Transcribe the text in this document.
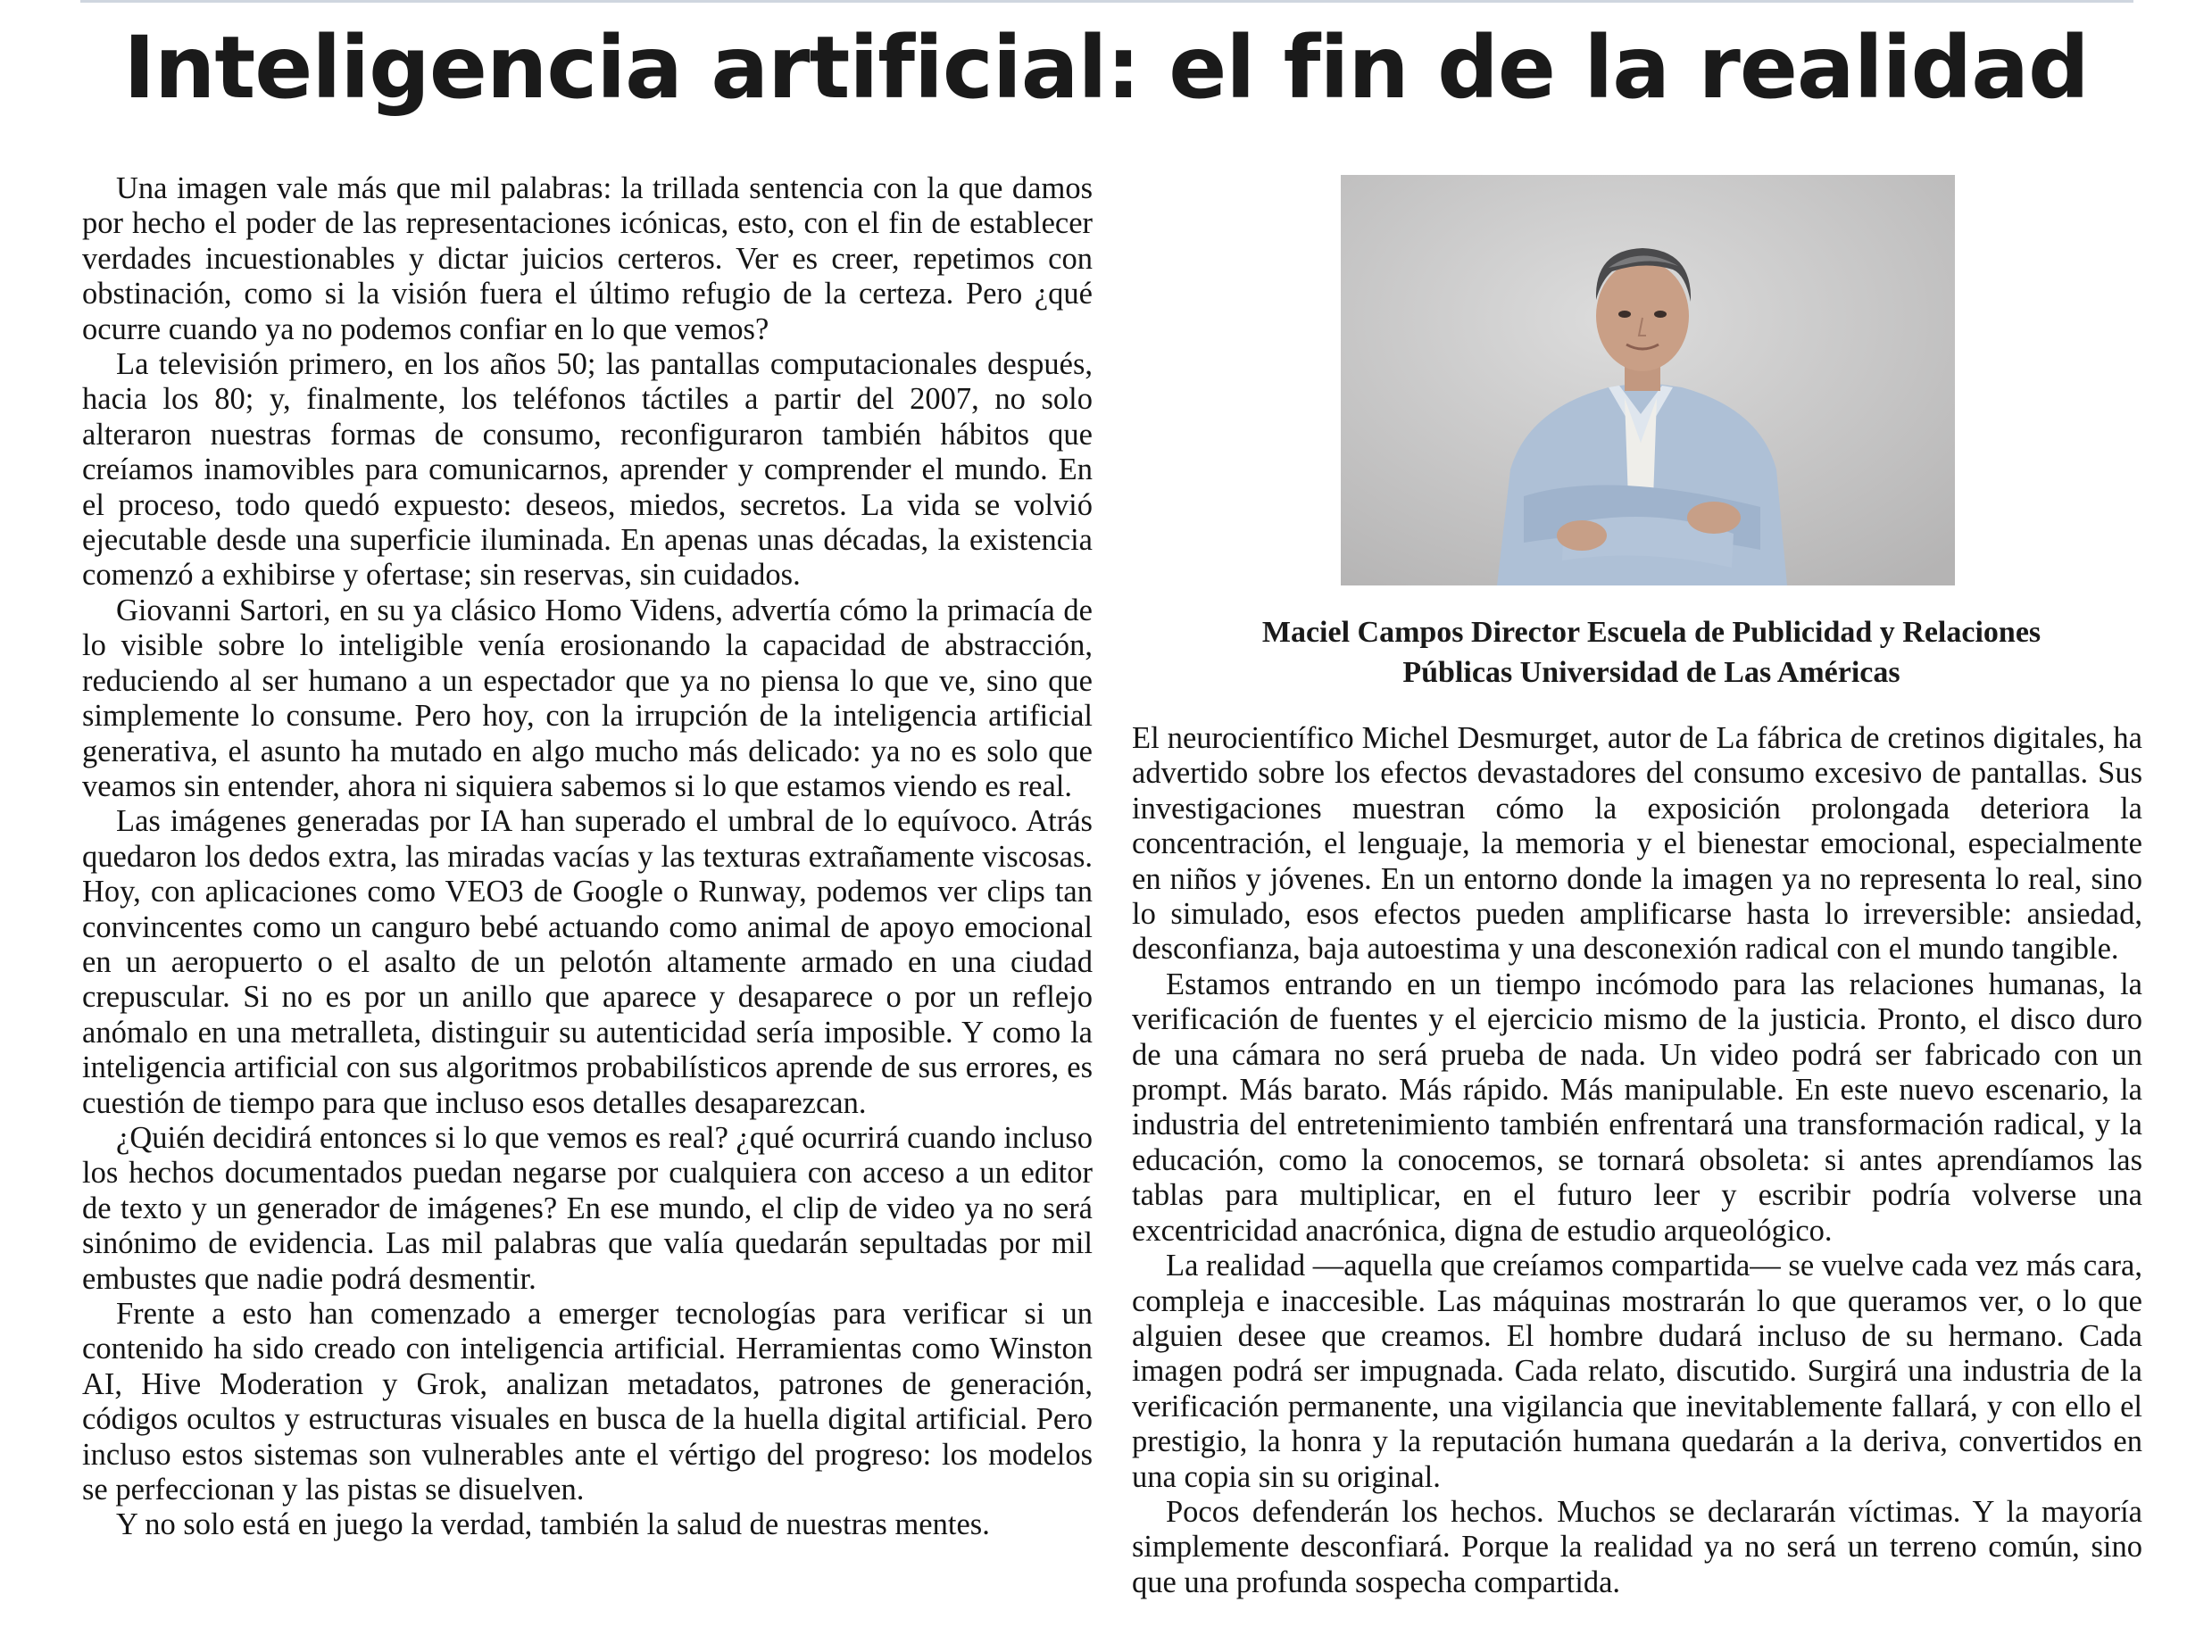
Inteligencia artificial: el fin de la realidad

Una imagen vale más que mil palabras: la trillada sentencia con la que damos por hecho el poder de las representaciones icónicas, esto, con el fin de establecer verdades incuestionables y dictar juicios certeros. Ver es creer, repetimos con obstinación, como si la visión fuera el último refugio de la certeza. Pero ¿qué ocurre cuando ya no podemos confiar en lo que vemos?

La televisión primero, en los años 50; las pantallas computacionales después, hacia los 80; y, finalmente, los teléfonos táctiles a partir del 2007, no solo alteraron nuestras formas de consumo, reconfiguraron también hábitos que creíamos inamovibles para comunicarnos, aprender y comprender el mundo. En el proceso, todo quedó expuesto: deseos, miedos, secretos. La vida se volvió ejecutable desde una superficie iluminada. En apenas unas décadas, la existencia comenzó a exhibirse y ofertase; sin reservas, sin cuidados.

Giovanni Sartori, en su ya clásico Homo Videns, advertía cómo la primacía de lo visible sobre lo inteligible venía erosionando la capacidad de abstracción, reduciendo al ser humano a un espectador que ya no piensa lo que ve, sino que simplemente lo consume. Pero hoy, con la irrupción de la inteligencia artificial generativa, el asunto ha mutado en algo mucho más delicado: ya no es solo que veamos sin entender, ahora ni siquiera sabemos si lo que estamos viendo es real.

Las imágenes generadas por IA han superado el umbral de lo equívoco. Atrás quedaron los dedos extra, las miradas vacías y las texturas extrañamente viscosas. Hoy, con aplicaciones como VEO3 de Google o Runway, podemos ver clips tan convincentes como un canguro bebé actuando como animal de apoyo emocional en un aeropuerto o el asalto de un pelotón altamente armado en una ciudad crepuscular. Si no es por un anillo que aparece y desaparece o por un reflejo anómalo en una metralleta, distinguir su autenticidad sería imposible. Y como la inteligencia artificial con sus algoritmos probabilísticos aprende de sus errores, es cuestión de tiempo para que incluso esos detalles desaparezcan.

¿Quién decidirá entonces si lo que vemos es real? ¿qué ocurrirá cuando incluso los hechos documentados puedan negarse por cualquiera con acceso a un editor de texto y un generador de imágenes? En ese mundo, el clip de video ya no será sinónimo de evidencia. Las mil palabras que valía quedarán sepultadas por mil embustes que nadie podrá desmentir.

Frente a esto han comenzado a emerger tecnologías para verificar si un contenido ha sido creado con inteligencia artificial. Herramientas como Winston AI, Hive Moderation y Grok, analizan metadatos, patrones de generación, códigos ocultos y estructuras visuales en busca de la huella digital artificial. Pero incluso estos sistemas son vulnerables ante el vértigo del progreso: los modelos se perfeccionan y las pistas se disuelven.

Y no solo está en juego la verdad, también la salud de nuestras mentes.

Maciel Campos Director Escuela de Publicidad y Relaciones Públicas Universidad de Las Américas

El neurocientífico Michel Desmurget, autor de La fábrica de cretinos digitales, ha advertido sobre los efectos devastadores del consumo excesivo de pantallas. Sus investigaciones muestran cómo la exposición prolongada deteriora la concentración, el lenguaje, la memoria y el bienestar emocional, especialmente en niños y jóvenes. En un entorno donde la imagen ya no representa lo real, sino lo simulado, esos efectos pueden amplificarse hasta lo irreversible: ansiedad, desconfianza, baja autoestima y una desconexión radical con el mundo tangible.

Estamos entrando en un tiempo incómodo para las relaciones humanas, la verificación de fuentes y el ejercicio mismo de la justicia. Pronto, el disco duro de una cámara no será prueba de nada. Un video podrá ser fabricado con un prompt. Más barato. Más rápido. Más manipulable. En este nuevo escenario, la industria del entretenimiento también enfrentará una transformación radical, y la educación, como la conocemos, se tornará obsoleta: si antes aprendíamos las tablas para multiplicar, en el futuro leer y escribir podría volverse una excentricidad anacrónica, digna de estudio arqueológico.

La realidad —aquella que creíamos compartida— se vuelve cada vez más cara, compleja e inaccesible. Las máquinas mostrarán lo que queramos ver, o lo que alguien desee que creamos. El hombre dudará incluso de su hermano. Cada imagen podrá ser impugnada. Cada relato, discutido. Surgirá una industria de la verificación permanente, una vigilancia que inevitablemente fallará, y con ello el prestigio, la honra y la reputación humana quedarán a la deriva, convertidos en una copia sin su original.

Pocos defenderán los hechos. Muchos se declararán víctimas. Y la mayoría simplemente desconfiará. Porque la realidad ya no será un terreno común, sino que una profunda sospecha compartida.
